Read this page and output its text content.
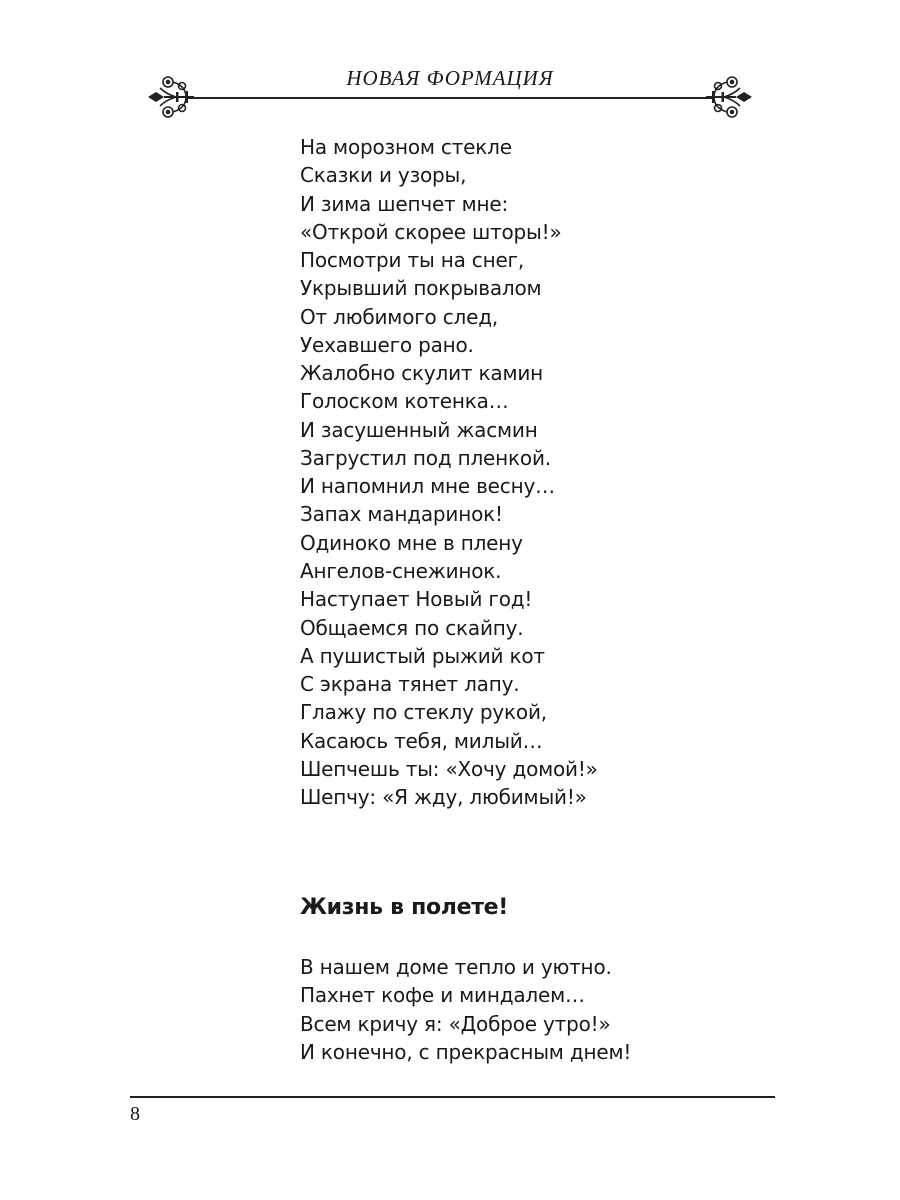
НОВАЯ ФОРМАЦИЯ
На морозном стекле
Сказки и узоры,
И зима шепчет мне:
«Открой скорее шторы!»
Посмотри ты на снег,
Укрывший покрывалом
От любимого след,
Уехавшего рано.
Жалобно скулит камин
Голоском котенка…
И засушенный жасмин
Загрустил под пленкой.
И напомнил мне весну…
Запах мандаринок!
Одиноко мне в плену
Ангелов-снежинок.
Наступает Новый год!
Общаемся по скайпу.
А пушистый рыжий кот
С экрана тянет лапу.
Глажу по стеклу рукой,
Касаюсь тебя, милый…
Шепчешь ты: «Хочу домой!»
Шепчу: «Я жду, любимый!»
Жизнь в полете!
В нашем доме тепло и уютно.
Пахнет кофе и миндалем…
Всем кричу я: «Доброе утро!»
И конечно, с прекрасным днем!
8
